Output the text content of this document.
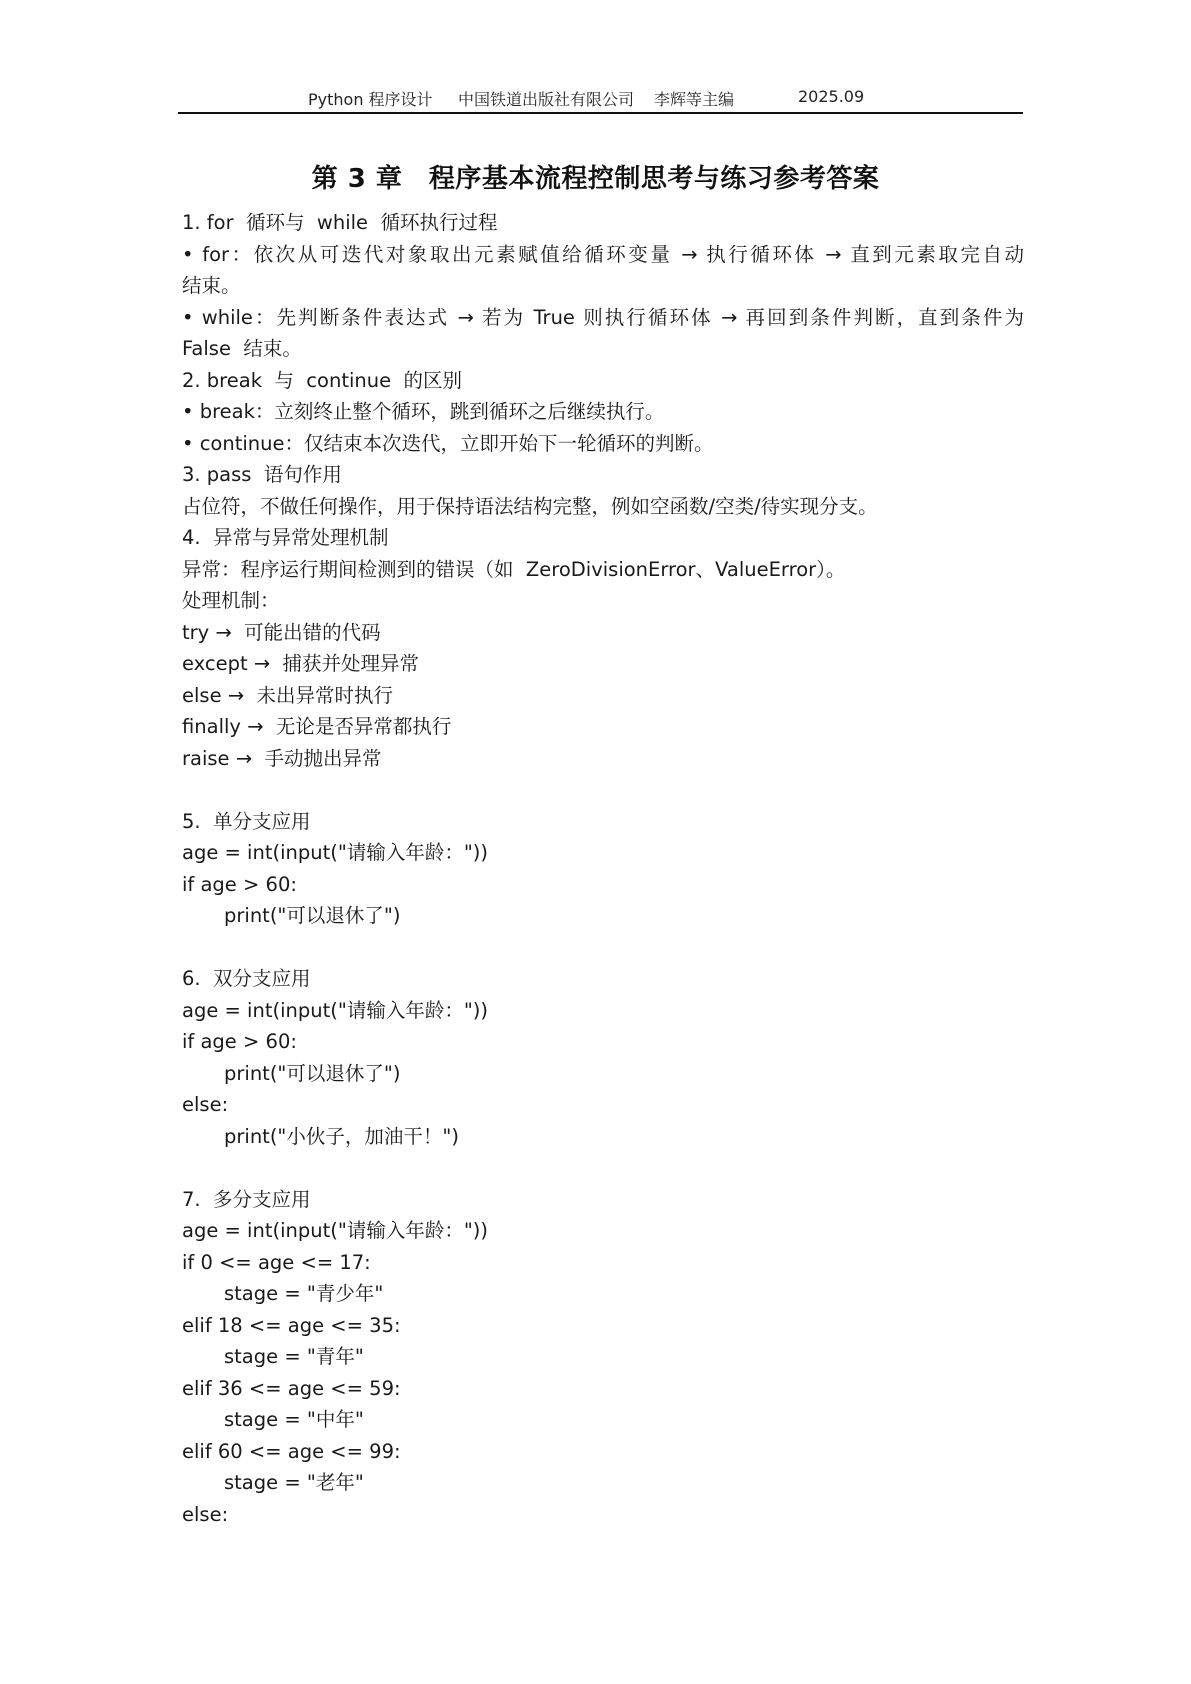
Python 程序设计 中国铁道出版社有限公司 李辉等主编	2025.09
第 3 章　程序基本流程控制思考与练习参考答案
1. for  循环与  while  循环执行过程
• for：依次从可迭代对象取出元素赋值给循环变量 → 执行循环体 → 直到元素取完自动
结束。
• while：先判断条件表达式 → 若为 True 则执行循环体 → 再回到条件判断，直到条件为
False  结束。
2. break  与  continue  的区别
• break：立刻终止整个循环，跳到循环之后继续执行。
• continue：仅结束本次迭代，立即开始下一轮循环的判断。
3. pass  语句作用
占位符，不做任何操作，用于保持语法结构完整，例如空函数/空类/待实现分支。
4.  异常与异常处理机制
异常：程序运行期间检测到的错误（如  ZeroDivisionError、ValueError）。
处理机制：
try →  可能出错的代码
except →  捕获并处理异常
else →  未出异常时执行
finally →  无论是否异常都执行
raise →  手动抛出异常
5.  单分支应用
age = int(input("请输入年龄："))
if age > 60:
print("可以退休了")
6.  双分支应用
age = int(input("请输入年龄："))
if age > 60:
print("可以退休了")
else:
print("小伙子，加油干！")
7.  多分支应用
age = int(input("请输入年龄："))
if 0 <= age <= 17:
stage = "青少年"
elif 18 <= age <= 35:
stage = "青年"
elif 36 <= age <= 59:
stage = "中年"
elif 60 <= age <= 99:
stage = "老年"
else:
